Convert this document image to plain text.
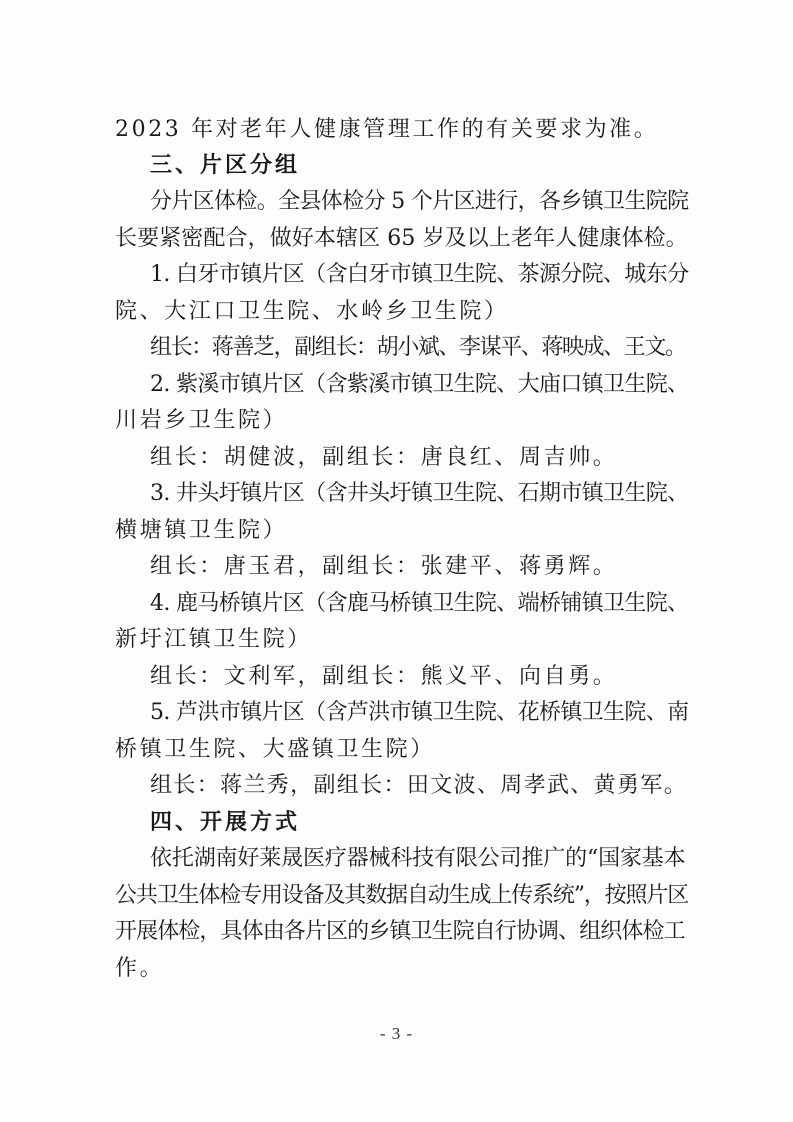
2023 年对老年人健康管理工作的有关要求为准。

三、片区分组

分片区体检。全县体检分 5 个片区进行，各乡镇卫生院院

长要紧密配合，做好本辖区 65 岁及以上老年人健康体检。

1. 白牙市镇片区（含白牙市镇卫生院、茶源分院、城东分

院、大江口卫生院、水岭乡卫生院）

组长：蒋善芝，副组长：胡小斌、李谋平、蒋映成、王文。

2. 紫溪市镇片区（含紫溪市镇卫生院、大庙口镇卫生院、

川岩乡卫生院）

组长：胡健波，副组长：唐良红、周吉帅。

3. 井头圩镇片区（含井头圩镇卫生院、石期市镇卫生院、

横塘镇卫生院）

组长：唐玉君，副组长：张建平、蒋勇辉。

4. 鹿马桥镇片区（含鹿马桥镇卫生院、端桥铺镇卫生院、

新圩江镇卫生院）

组长：文利军，副组长：熊义平、向自勇。

5. 芦洪市镇片区（含芦洪市镇卫生院、花桥镇卫生院、南

桥镇卫生院、大盛镇卫生院）

组长：蒋兰秀，副组长：田文波、周孝武、黄勇军。

四、开展方式

依托湖南好莱晟医疗器械科技有限公司推广的“国家基本

公共卫生体检专用设备及其数据自动生成上传系统”，按照片区

开展体检，具体由各片区的乡镇卫生院自行协调、组织体检工

作。

- 3 -
